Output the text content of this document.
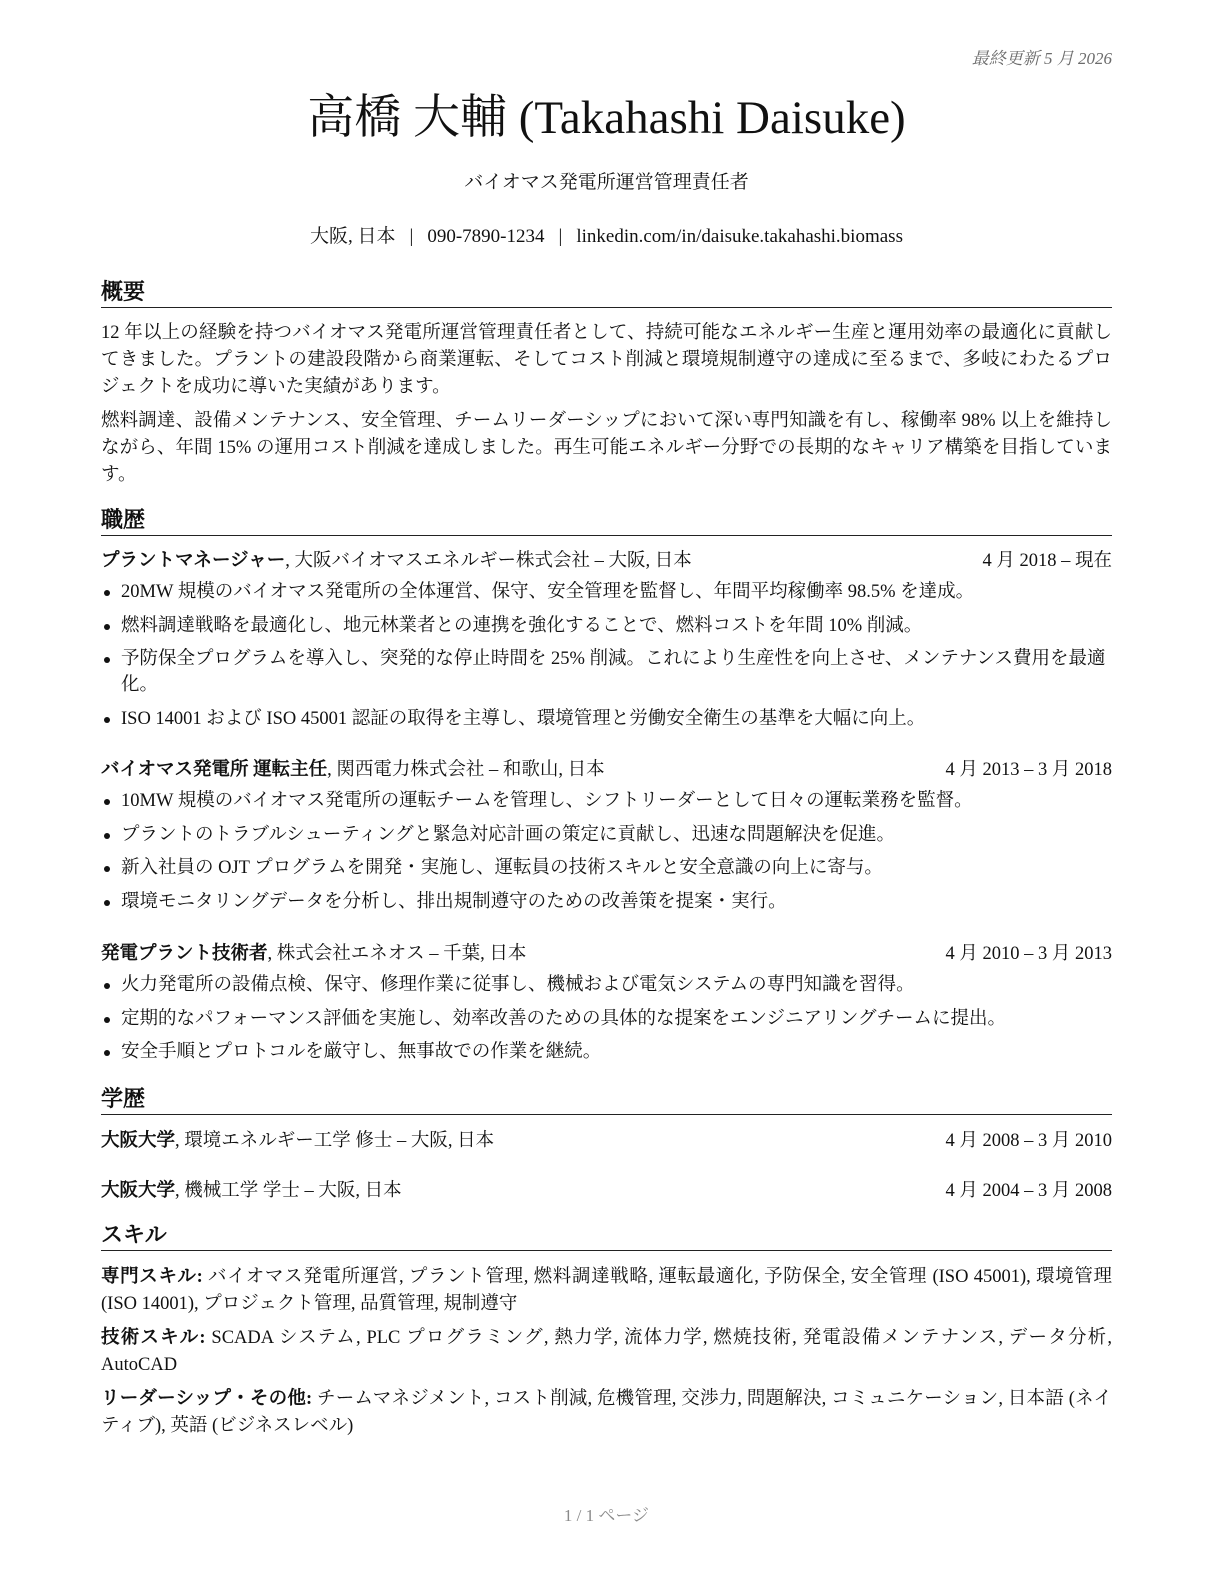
最終更新 5 月 2026
高橋 大輔 (Takahashi Daisuke)
バイオマス発電所運営管理責任者
大阪, 日本 | 090-7890-1234 | linkedin.com/in/daisuke.takahashi.biomass
概要
12 年以上の経験を持つバイオマス発電所運営管理責任者として、持続可能なエネルギー生産と運用効率の最適化に貢献してきました。プラントの建設段階から商業運転、そしてコスト削減と環境規制遵守の達成に至るまで、多岐にわたるプロジェクトを成功に導いた実績があります。
燃料調達、設備メンテナンス、安全管理、チームリーダーシップにおいて深い専門知識を有し、稼働率 98% 以上を維持しながら、年間 15% の運用コスト削減を達成しました。再生可能エネルギー分野での長期的なキャリア構築を目指しています。
職歴
プラントマネージャー, 大阪バイオマスエネルギー株式会社 – 大阪, 日本	4 月 2018 – 現在
20MW 規模のバイオマス発電所の全体運営、保守、安全管理を監督し、年間平均稼働率 98.5% を達成。
燃料調達戦略を最適化し、地元林業者との連携を強化することで、燃料コストを年間 10% 削減。
予防保全プログラムを導入し、突発的な停止時間を 25% 削減。これにより生産性を向上させ、メンテナンス費用を最適化。
ISO 14001 および ISO 45001 認証の取得を主導し、環境管理と労働安全衛生の基準を大幅に向上。
バイオマス発電所 運転主任, 関西電力株式会社 – 和歌山, 日本	4 月 2013 – 3 月 2018
10MW 規模のバイオマス発電所の運転チームを管理し、シフトリーダーとして日々の運転業務を監督。
プラントのトラブルシューティングと緊急対応計画の策定に貢献し、迅速な問題解決を促進。
新入社員の OJT プログラムを開発・実施し、運転員の技術スキルと安全意識の向上に寄与。
環境モニタリングデータを分析し、排出規制遵守のための改善策を提案・実行。
発電プラント技術者, 株式会社エネオス – 千葉, 日本	4 月 2010 – 3 月 2013
火力発電所の設備点検、保守、修理作業に従事し、機械および電気システムの専門知識を習得。
定期的なパフォーマンス評価を実施し、効率改善のための具体的な提案をエンジニアリングチームに提出。
安全手順とプロトコルを厳守し、無事故での作業を継続。
学歴
大阪大学, 環境エネルギー工学 修士 – 大阪, 日本	4 月 2008 – 3 月 2010
大阪大学, 機械工学 学士 – 大阪, 日本	4 月 2004 – 3 月 2008
スキル
専門スキル: バイオマス発電所運営, プラント管理, 燃料調達戦略, 運転最適化, 予防保全, 安全管理 (ISO 45001), 環境管理 (ISO 14001), プロジェクト管理, 品質管理, 規制遵守
技術スキル: SCADA システム, PLC プログラミング, 熱力学, 流体力学, 燃焼技術, 発電設備メンテナンス, データ分析, AutoCAD
リーダーシップ・その他: チームマネジメント, コスト削減, 危機管理, 交渉力, 問題解決, コミュニケーション, 日本語 (ネイティブ), 英語 (ビジネスレベル)
1 / 1 ページ
